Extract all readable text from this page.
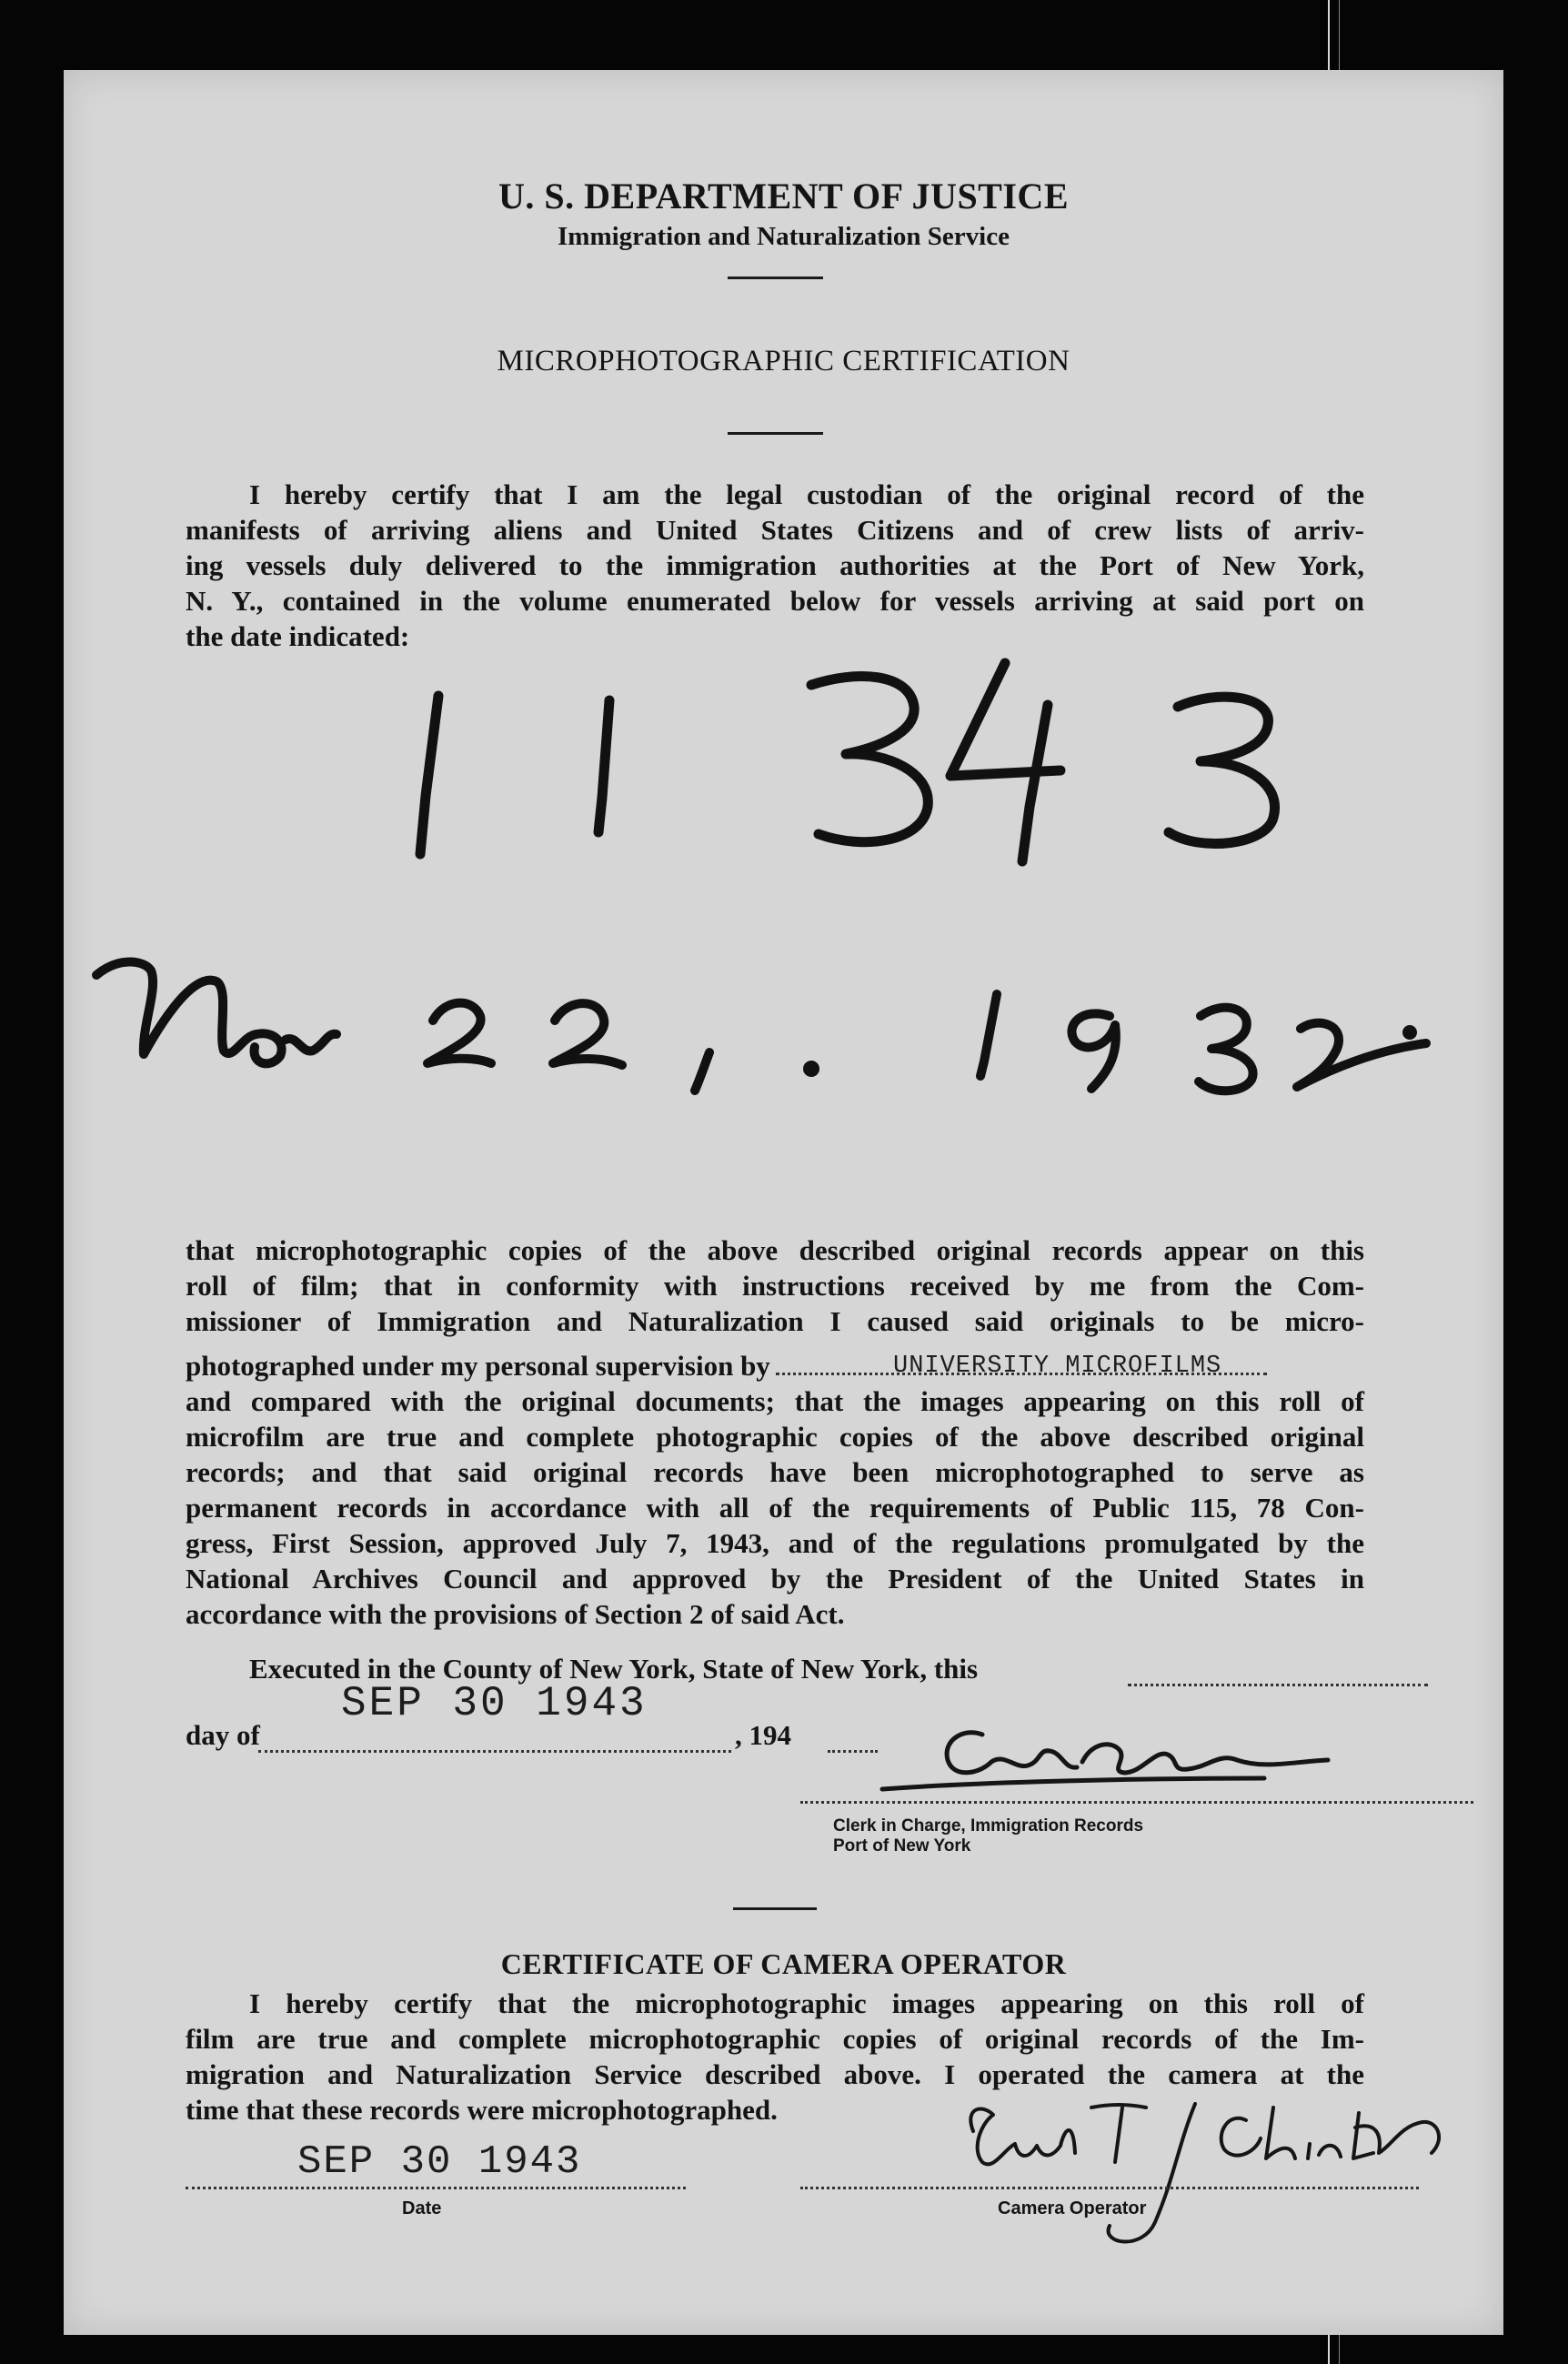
U. S. DEPARTMENT OF JUSTICE
Immigration and Naturalization Service
MICROPHOTOGRAPHIC CERTIFICATION
I hereby certify that I am the legal custodian of the original record of the
manifests of arriving aliens and United States Citizens and of crew lists of arriv-
ing vessels duly delivered to the immigration authorities at the Port of New York,
N. Y., contained in the volume enumerated below for vessels arriving at said port on
the date indicated:
that microphotographic copies of the above described original records appear on this
roll of film; that in conformity with instructions received by me from the Com-
missioner of Immigration and Naturalization I caused said originals to be micro-
photographed under my personal supervision by
and compared with the original documents; that the images appearing on this roll of
microfilm are true and complete photographic copies of the above described original
records; and that said original records have been microphotographed to serve as
permanent records in accordance with all of the requirements of Public 115, 78 Con-
gress, First Session, approved July 7, 1943, and of the regulations promulgated by the
National Archives Council and approved by the President of the United States in
accordance with the provisions of Section 2 of said Act.
UNIVERSITY MICROFILMS
Executed in the County of New York, State of New York, this
SEP 30 1943
day of	, 194
Clerk in Charge, Immigration Records
Port of New York
CERTIFICATE OF CAMERA OPERATOR
I hereby certify that the microphotographic images appearing on this roll of
film are true and complete microphotographic copies of original records of the Im-
migration and Naturalization Service described above. I operated the camera at the
time that these records were microphotographed.
SEP 30 1943
Date	Camera Operator
